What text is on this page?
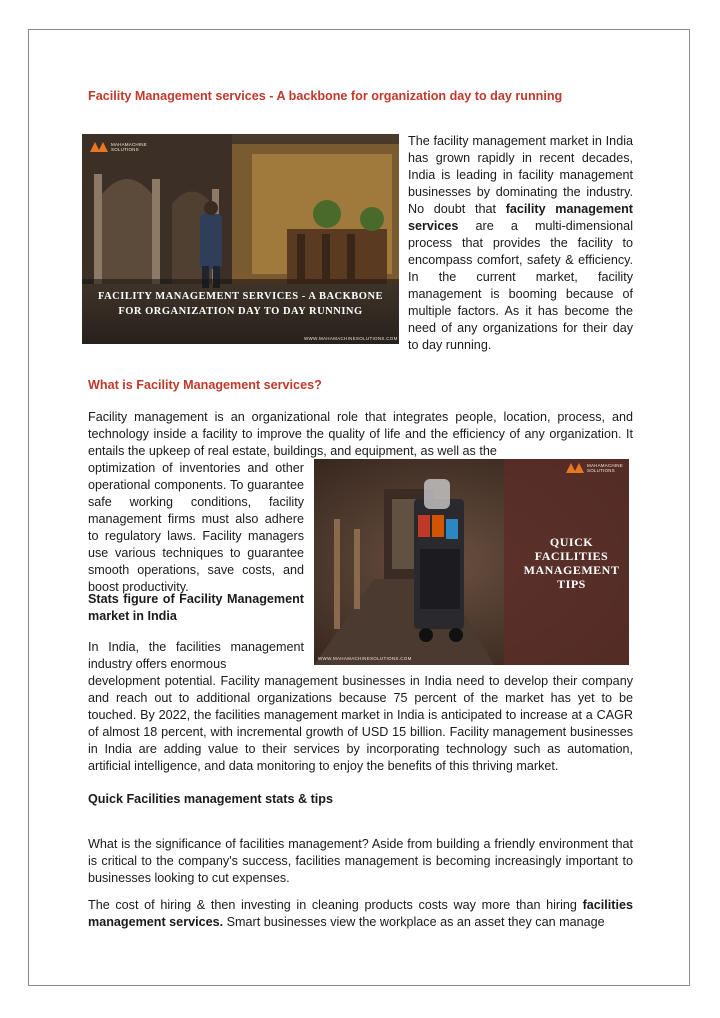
Facility Management services - A backbone for organization day to day running
MAHAMACHINE
SOLUTIONS
FACILITY MANAGEMENT SERVICES - A BACKBONE
FOR ORGANIZATION DAY TO DAY RUNNING
WWW.MAHAMACHINESOLUTIONS.COM

The facility management market in India has grown rapidly in recent decades, India is leading in facility management businesses by dominating the industry. No doubt that facility management services are a multi-dimensional process that provides the facility to encompass comfort, safety & efficiency. In the current market, facility management is booming because of multiple factors. As it has become the need of any organizations for their day to day running.

What is Facility Management services?

Facility management is an organizational role that integrates people, location, process, and technology inside a facility to improve the quality of life and the efficiency of any organization. It entails the upkeep of real estate, buildings, and equipment, as well as the

optimization of inventories and other operational components. To guarantee safe working conditions, facility management firms must also adhere to regulatory laws. Facility managers use various techniques to guarantee smooth operations, save costs, and boost productivity.

MAHAMACHINE
SOLUTIONS
QUICK
FACILITIES
MANAGEMENT
TIPS
WWW.MAHAMACHINESOLUTIONS.COM

Stats figure of Facility Management market in India

In India, the facilities management industry offers enormous

development potential. Facility management businesses in India need to develop their company and reach out to additional organizations because 75 percent of the market has yet to be touched. By 2022, the facilities management market in India is anticipated to increase at a CAGR of almost 18 percent, with incremental growth of USD 15 billion. Facility management businesses in India are adding value to their services by incorporating technology such as automation, artificial intelligence, and data monitoring to enjoy the benefits of this thriving market.

Quick Facilities management stats & tips

What is the significance of facilities management? Aside from building a friendly environment that is critical to the company's success, facilities management is becoming increasingly important to businesses looking to cut expenses.

The cost of hiring & then investing in cleaning products costs way more than hiring facilities management services. Smart businesses view the workplace as an asset they can manage
